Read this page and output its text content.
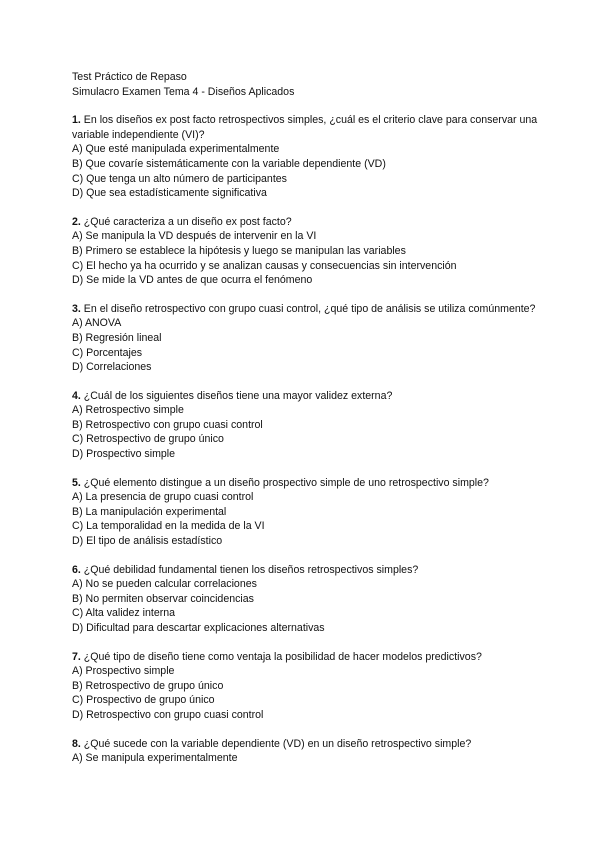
Test Práctico de Repaso
Simulacro Examen Tema 4 - Diseños Aplicados

1. En los diseños ex post facto retrospectivos simples, ¿cuál es el criterio clave para conservar una variable independiente (VI)?

A) Que esté manipulada experimentalmente
B) Que covaríe sistemáticamente con la variable dependiente (VD)
C) Que tenga un alto número de participantes
D) Que sea estadísticamente significativa

2. ¿Qué caracteriza a un diseño ex post facto?

A) Se manipula la VD después de intervenir en la VI
B) Primero se establece la hipótesis y luego se manipulan las variables
C) El hecho ya ha ocurrido y se analizan causas y consecuencias sin intervención
D) Se mide la VD antes de que ocurra el fenómeno

3. En el diseño retrospectivo con grupo cuasi control, ¿qué tipo de análisis se utiliza comúnmente?

A) ANOVA
B) Regresión lineal
C) Porcentajes
D) Correlaciones

4. ¿Cuál de los siguientes diseños tiene una mayor validez externa?

A) Retrospectivo simple
B) Retrospectivo con grupo cuasi control
C) Retrospectivo de grupo único
D) Prospectivo simple

5. ¿Qué elemento distingue a un diseño prospectivo simple de uno retrospectivo simple?

A) La presencia de grupo cuasi control
B) La manipulación experimental
C) La temporalidad en la medida de la VI
D) El tipo de análisis estadístico

6. ¿Qué debilidad fundamental tienen los diseños retrospectivos simples?

A) No se pueden calcular correlaciones
B) No permiten observar coincidencias
C) Alta validez interna
D) Dificultad para descartar explicaciones alternativas

7. ¿Qué tipo de diseño tiene como ventaja la posibilidad de hacer modelos predictivos?

A) Prospectivo simple
B) Retrospectivo de grupo único
C) Prospectivo de grupo único
D) Retrospectivo con grupo cuasi control

8. ¿Qué sucede con la variable dependiente (VD) en un diseño retrospectivo simple?

A) Se manipula experimentalmente
